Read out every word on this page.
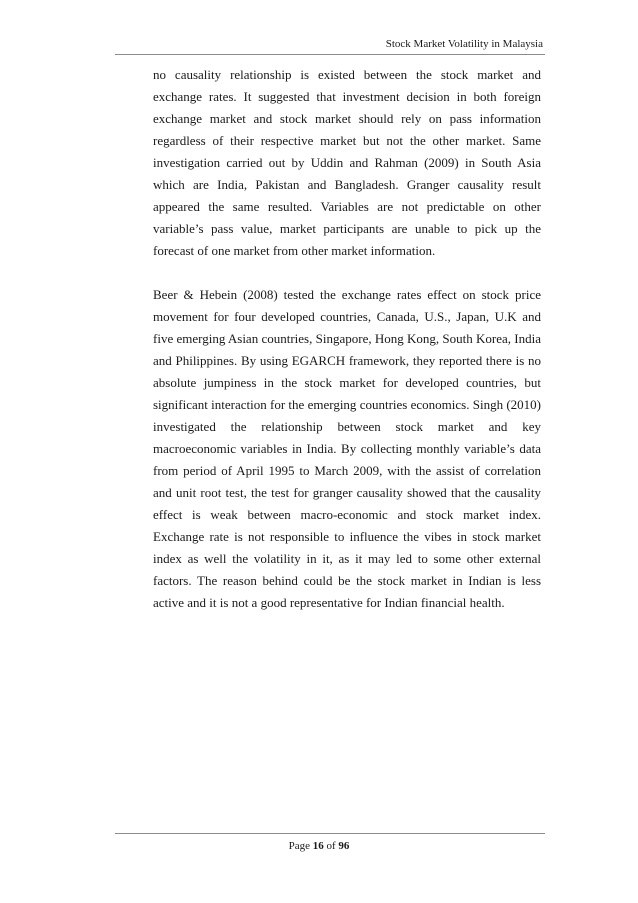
Stock Market Volatility in Malaysia

no causality relationship is existed between the stock market and exchange rates. It suggested that investment decision in both foreign exchange market and stock market should rely on pass information regardless of their respective market but not the other market. Same investigation carried out by Uddin and Rahman (2009) in South Asia which are India, Pakistan and Bangladesh. Granger causality result appeared the same resulted. Variables are not predictable on other variable’s pass value, market participants are unable to pick up the forecast of one market from other market information.

Beer & Hebein (2008) tested the exchange rates effect on stock price movement for four developed countries, Canada, U.S., Japan, U.K and five emerging Asian countries, Singapore, Hong Kong, South Korea, India and Philippines. By using EGARCH framework, they reported there is no absolute jumpiness in the stock market for developed countries, but significant interaction for the emerging countries economics. Singh (2010) investigated the relationship between stock market and key macroeconomic variables in India. By collecting monthly variable’s data from period of April 1995 to March 2009, with the assist of correlation and unit root test, the test for granger causality showed that the causality effect is weak between macro-economic and stock market index. Exchange rate is not responsible to influence the vibes in stock market index as well the volatility in it, as it may led to some other external factors. The reason behind could be the stock market in Indian is less active and it is not a good representative for Indian financial health.

Page 16 of 96
